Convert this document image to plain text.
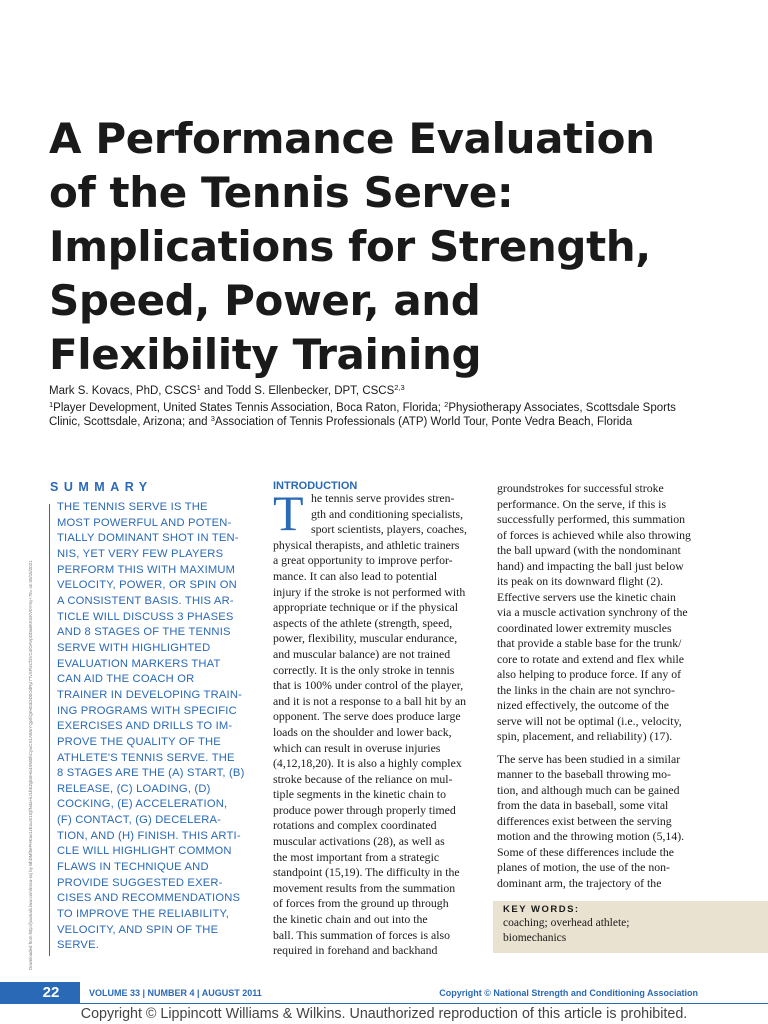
Downloaded from http://journals.lww.com/nsca-scj by BhDMf5ePHKav1zEoum1tQfN4a+kJLhEZgbsIHo4XMi0hCywCX1AWnYQp/IlQrHD3i3D0OdRyi7TvSFl4Cf3VC4/OAVpDDa8KKGKV0Ymy+78= on 06/15/2021
A Performance Evaluation
of the Tennis Serve:
Implications for Strength,
Speed, Power, and
Flexibility Training
Mark S. Kovacs, PhD, CSCS$^1$ and Todd S. Ellenbecker, DPT, CSCS$^{2,3}$
$^1$Player Development, United States Tennis Association, Boca Raton, Florida; $^2$Physiotherapy Associates, Scottsdale Sports Clinic, Scottsdale, Arizona; and $^3$Association of Tennis Professionals (ATP) World Tour, Ponte Vedra Beach, Florida
SUMMARY
THE TENNIS SERVE IS THE
MOST POWERFUL AND POTEN-
TIALLY DOMINANT SHOT IN TEN-
NIS, YET VERY FEW PLAYERS
PERFORM THIS WITH MAXIMUM
VELOCITY, POWER, OR SPIN ON
A CONSISTENT BASIS. THIS AR-
TICLE WILL DISCUSS 3 PHASES
AND 8 STAGES OF THE TENNIS
SERVE WITH HIGHLIGHTED
EVALUATION MARKERS THAT
CAN AID THE COACH OR
TRAINER IN DEVELOPING TRAIN-
ING PROGRAMS WITH SPECIFIC
EXERCISES AND DRILLS TO IM-
PROVE THE QUALITY OF THE
ATHLETE'S TENNIS SERVE. THE
8 STAGES ARE THE (A) START, (B)
RELEASE, (C) LOADING, (D)
COCKING, (E) ACCELERATION,
(F) CONTACT, (G) DECELERA-
TION, AND (H) FINISH. THIS ARTI-
CLE WILL HIGHLIGHT COMMON
FLAWS IN TECHNIQUE AND
PROVIDE SUGGESTED EXER-
CISES AND RECOMMENDATIONS
TO IMPROVE THE RELIABILITY,
VELOCITY, AND SPIN OF THE
SERVE.
INTRODUCTION
T he tennis serve provides stren-
gth and conditioning specialists,
sport scientists, players, coaches,
physical therapists, and athletic trainers
a great opportunity to improve perfor-
mance. It can also lead to potential
injury if the stroke is not performed with
appropriate technique or if the physical
aspects of the athlete (strength, speed,
power, flexibility, muscular endurance,
and muscular balance) are not trained
correctly. It is the only stroke in tennis
that is 100% under control of the player,
and it is not a response to a ball hit by an
opponent. The serve does produce large
loads on the shoulder and lower back,
which can result in overuse injuries
(4,12,18,20). It is also a highly complex
stroke because of the reliance on mul-
tiple segments in the kinetic chain to
produce power through properly timed
rotations and complex coordinated
muscular activations (28), as well as
the most important from a strategic
standpoint (15,19). The difficulty in the
movement results from the summation
of forces from the ground up through
the kinetic chain and out into the
ball. This summation of forces is also
required in forehand and backhand
groundstrokes for successful stroke
performance. On the serve, if this is
successfully performed, this summation
of forces is achieved while also throwing
the ball upward (with the nondominant
hand) and impacting the ball just below
its peak on its downward flight (2).
Effective servers use the kinetic chain
via a muscle activation synchrony of the
coordinated lower extremity muscles
that provide a stable base for the trunk/
core to rotate and extend and flex while
also helping to produce force. If any of
the links in the chain are not synchro-
nized effectively, the outcome of the
serve will not be optimal (i.e., velocity,
spin, placement, and reliability) (17).
The serve has been studied in a similar
manner to the baseball throwing mo-
tion, and although much can be gained
from the data in baseball, some vital
differences exist between the serving
motion and the throwing motion (5,14).
Some of these differences include the
planes of motion, the use of the non-
dominant arm, the trajectory of the
KEY WORDS:
coaching; overhead athlete;
biomechanics
22	VOLUME 33 | NUMBER 4 | AUGUST 2011	Copyright © National Strength and Conditioning Association
Copyright © Lippincott Williams & Wilkins. Unauthorized reproduction of this article is prohibited.
